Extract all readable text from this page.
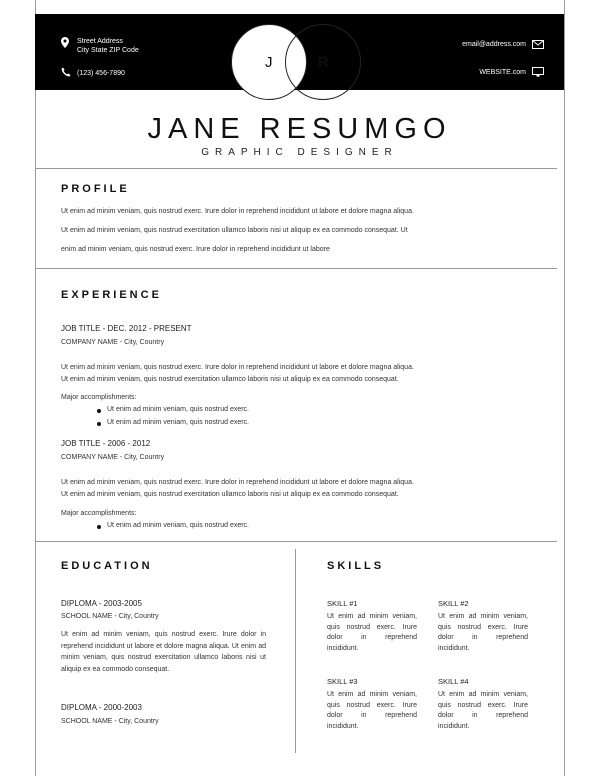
Street Address
City State ZIP Code
(123) 456-7890
email@address.com
WEBSITE.com
J	R
JANE RESUMGO
GRAPHIC DESIGNER
PROFILE
Ut enim ad minim veniam, quis nostrud exerc. Irure dolor in reprehend incididunt ut labore et dolore magna aliqua.
Ut enim ad minim veniam, quis nostrud exercitation ullamco laboris nisi ut aliquip ex ea commodo consequat. Ut
enim ad minim veniam, quis nostrud exerc. Irure dolor in reprehend incididunt ut labore
EXPERIENCE
JOB TITLE - DEC. 2012 - PRESENT
COMPANY NAME - City, Country
Ut enim ad minim veniam, quis nostrud exerc. Irure dolor in reprehend incididunt ut labore et dolore magna aliqua.
Ut enim ad minim veniam, quis nostrud exercitation ullamco laboris nisi ut aliquip ex ea commodo consequat.
Major accomplishments:
Ut enim ad minim veniam, quis nostrud exerc.
Ut enim ad minim veniam, quis nostrud exerc.
JOB TITLE - 2006 - 2012
COMPANY NAME - City, Country
Ut enim ad minim veniam, quis nostrud exerc. Irure dolor in reprehend incididunt ut labore et dolore magna aliqua.
Ut enim ad minim veniam, quis nostrud exercitation ullamco laboris nisi ut aliquip ex ea commodo consequat.
Major accomplishments:
Ut enim ad minim veniam, quis nostrud exerc.
EDUCATION
DIPLOMA - 2003-2005
SCHOOL NAME - City, Country
Ut enim ad minim veniam, quis nostrud exerc. Irure dolor in reprehend incididunt ut labore et dolore magna aliqua. Ut enim ad minim veniam, quis nostrud exercitation ullamco laboris nisi ut aliquip ex ea commodo consequat.
DIPLOMA - 2000-2003
SCHOOL NAME - City, Country
SKILLS
SKILL #1
Ut enim ad minim veniam, quis nostrud exerc. Irure dolor in reprehend incididunt.
SKILL #2
Ut enim ad minim veniam, quis nostrud exerc. Irure dolor in reprehend incididunt.
SKILL #3
Ut enim ad minim veniam, quis nostrud exerc. Irure dolor in reprehend incididunt.
SKILL #4
Ut enim ad minim veniam, quis nostrud exerc. Irure dolor in reprehend incididunt.
